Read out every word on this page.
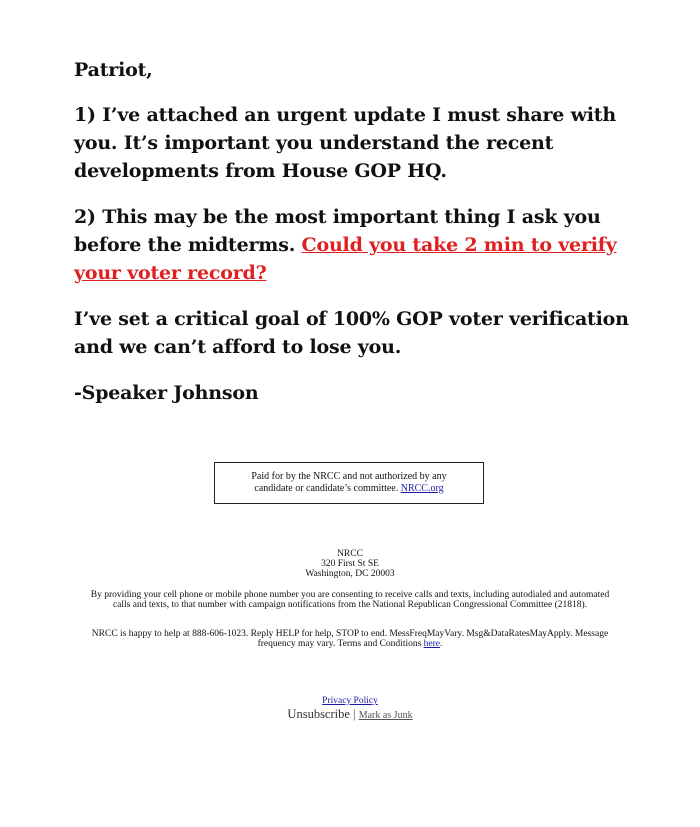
Patriot,

1) I’ve attached an urgent update I must share with you. It’s important you understand the recent developments from House GOP HQ.

2) This may be the most important thing I ask you before the midterms. Could you take 2 min to verify your voter record?

I’ve set a critical goal of 100% GOP voter verification and we can’t afford to lose you.

-Speaker Johnson

Paid for by the NRCC and not authorized by any candidate or candidate’s committee. NRCC.org
NRCC
320 First St SE
Washington, DC 20003
By providing your cell phone or mobile phone number you are consenting to receive calls and texts, including autodialed and automated calls and texts, to that number with campaign notifications from the National Republican Congressional Committee (21818).
NRCC is happy to help at 888-606-1023. Reply HELP for help, STOP to end. MessFreqMayVary. Msg&DataRatesMayApply. Message frequency may vary. Terms and Conditions here.
Privacy Policy
Unsubscribe | Mark as Junk
